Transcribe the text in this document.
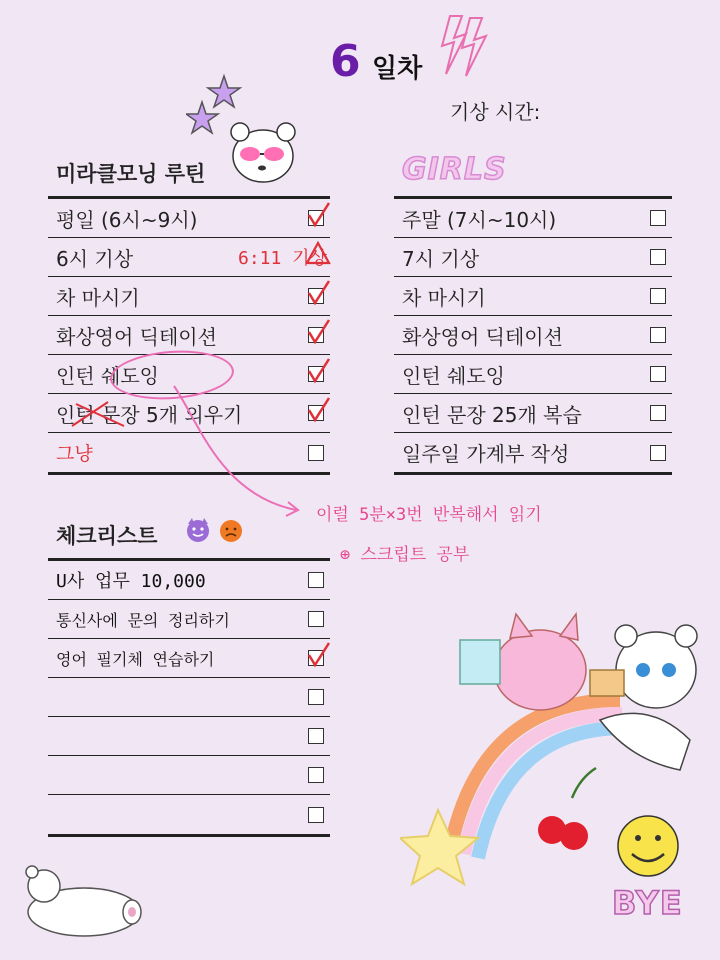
6 일차
기상 시간:
미라클모닝 루틴
평일 (6시~9시)
6시 기상	6:11 기상
차 마시기
화상영어 딕테이션
인턴 쉐도잉
인턴 문장 5개 외우기
그냥
GIRLS
주말 (7시~10시)
7시 기상
차 마시기
화상영어 딕테이션
인턴 쉐도잉
인턴 문장 25개 복습
일주일 가계부 작성
이럴 5분×3번 반복해서 읽기
⊕ 스크립트 공부
체크리스트
U사 업무 10,000
통신사에 문의 정리하기
영어 필기체 연습하기
BYE
